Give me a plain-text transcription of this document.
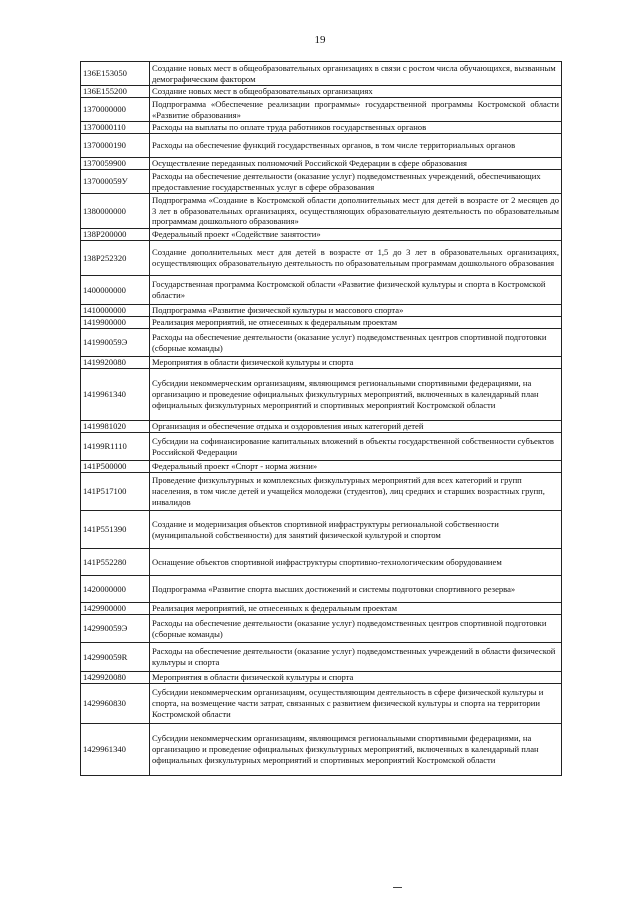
19
136E153050	Создание новых мест в общеобразовательных организациях в связи с ростом числа обучающихся, вызванным демографическим фактором
136E155200	Создание новых мест в общеобразовательных организациях
1370000000	Подпрограмма «Обеспечение реализации программы» государственной программы Костромской области «Развитие образования»
1370000110	Расходы на выплаты по оплате труда работников государственных органов
1370000190	Расходы на обеспечение функций государственных органов, в том числе территориальных органов
1370059900	Осуществление переданных полномочий Российской Федерации в сфере образования
137000059У	Расходы на обеспечение деятельности (оказание услуг) подведомственных учреждений, обеспечивающих предоставление государственных услуг в сфере образования
1380000000	Подпрограмма «Создание в Костромской области дополнительных мест для детей в возрасте от 2 месяцев до 3 лет в образовательных организациях, осуществляющих образовательную деятельность по образовательным программам дошкольного образования»
138P200000	Федеральный проект «Содействие занятости»
138P252320	Создание дополнительных мест для детей в возрасте от 1,5 до 3 лет в образовательных организациях, осуществляющих образовательную деятельность по образовательным программам дошкольного образования
1400000000	Государственная программа Костромской области «Развитие физической культуры и спорта в Костромской области»
1410000000	Подпрограмма «Развитие физической культуры и массового спорта»
1419900000	Реализация мероприятий, не отнесенных к федеральным проектам
141990059Э	Расходы на обеспечение деятельности (оказание услуг) подведомственных центров спортивной подготовки (сборные команды)
1419920080	Мероприятия в области физической культуры и спорта
1419961340	Субсидии некоммерческим организациям, являющимся региональными спортивными федерациями, на организацию и проведение официальных физкультурных мероприятий, включенных в календарный план официальных физкультурных мероприятий и спортивных мероприятий Костромской области
1419981020	Организация и обеспечение отдыха и оздоровления иных категорий детей
14199R1110	Субсидии на софинансирование капитальных вложений в объекты государственной собственности субъектов Российской Федерации
141P500000	Федеральный проект «Спорт - норма жизни»
141P517100	Проведение физкультурных и комплексных физкультурных мероприятий для всех категорий и групп населения, в том числе детей и учащейся молодежи (студентов), лиц средних и старших возрастных групп, инвалидов
141P551390	Создание и модернизация объектов спортивной инфраструктуры региональной собственности (муниципальной собственности) для занятий физической культурой и спортом
141P552280	Оснащение объектов спортивной инфраструктуры спортивно-технологическим оборудованием
1420000000	Подпрограмма «Развитие спорта высших достижений и системы подготовки спортивного резерва»
1429900000	Реализация мероприятий, не отнесенных к федеральным проектам
142990059Э	Расходы на обеспечение деятельности (оказание услуг) подведомственных центров спортивной подготовки (сборные команды)
142990059R	Расходы на обеспечение деятельности (оказание услуг) подведомственных учреждений в области физической культуры и спорта
1429920080	Мероприятия в области физической культуры и спорта
1429960830	Субсидии некоммерческим организациям, осуществляющим деятельность в сфере физической культуры и спорта, на возмещение части затрат, связанных с развитием физической культуры и спорта на территории Костромской области
1429961340	Субсидии некоммерческим организациям, являющимся региональными спортивными федерациями, на организацию и проведение официальных физкультурных мероприятий, включенных в календарный план официальных физкультурных мероприятий и спортивных мероприятий Костромской области
